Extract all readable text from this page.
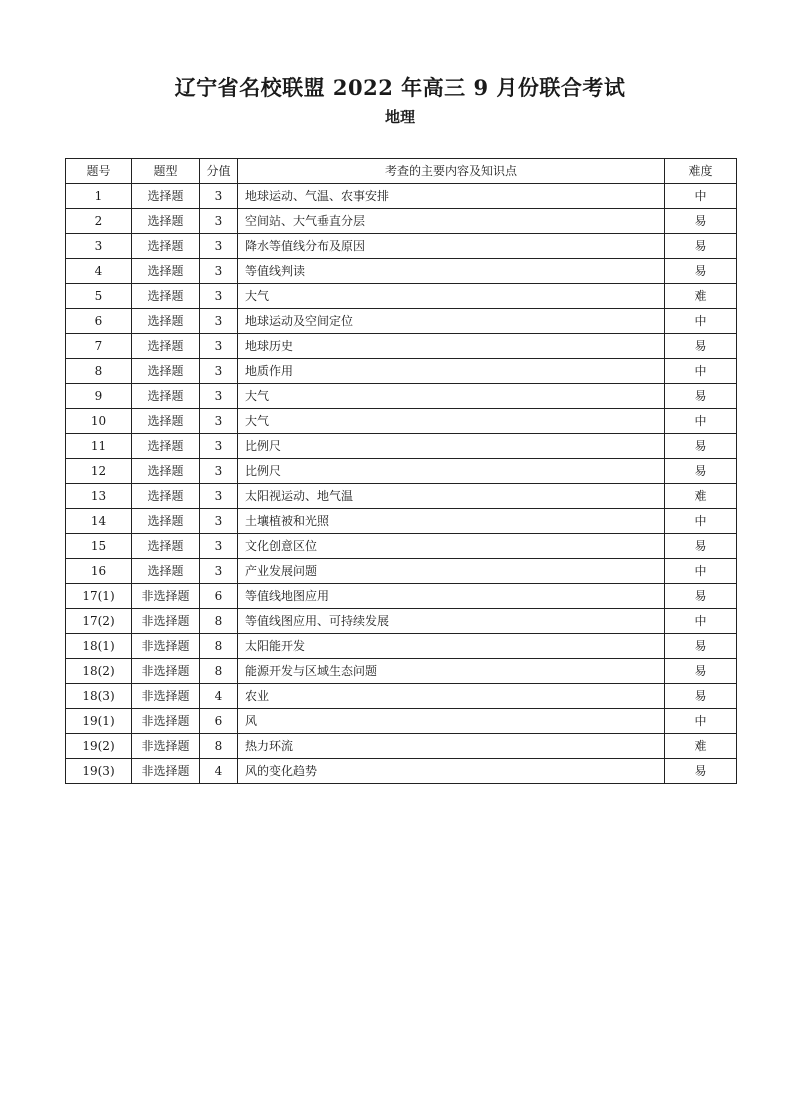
辽宁省名校联盟 2022 年高三 9 月份联合考试
地理
题号	题型	分值	考查的主要内容及知识点	难度
1	选择题	3	地球运动、气温、农事安排	中
2	选择题	3	空间站、大气垂直分层	易
3	选择题	3	降水等值线分布及原因	易
4	选择题	3	等值线判读	易
5	选择题	3	大气	难
6	选择题	3	地球运动及空间定位	中
7	选择题	3	地球历史	易
8	选择题	3	地质作用	中
9	选择题	3	大气	易
10	选择题	3	大气	中
11	选择题	3	比例尺	易
12	选择题	3	比例尺	易
13	选择题	3	太阳视运动、地气温	难
14	选择题	3	土壤植被和光照	中
15	选择题	3	文化创意区位	易
16	选择题	3	产业发展问题	中
17(1)	非选择题	6	等值线地图应用	易
17(2)	非选择题	8	等值线图应用、可持续发展	中
18(1)	非选择题	8	太阳能开发	易
18(2)	非选择题	8	能源开发与区域生态问题	易
18(3)	非选择题	4	农业	易
19(1)	非选择题	6	风	中
19(2)	非选择题	8	热力环流	难
19(3)	非选择题	4	风的变化趋势	易
